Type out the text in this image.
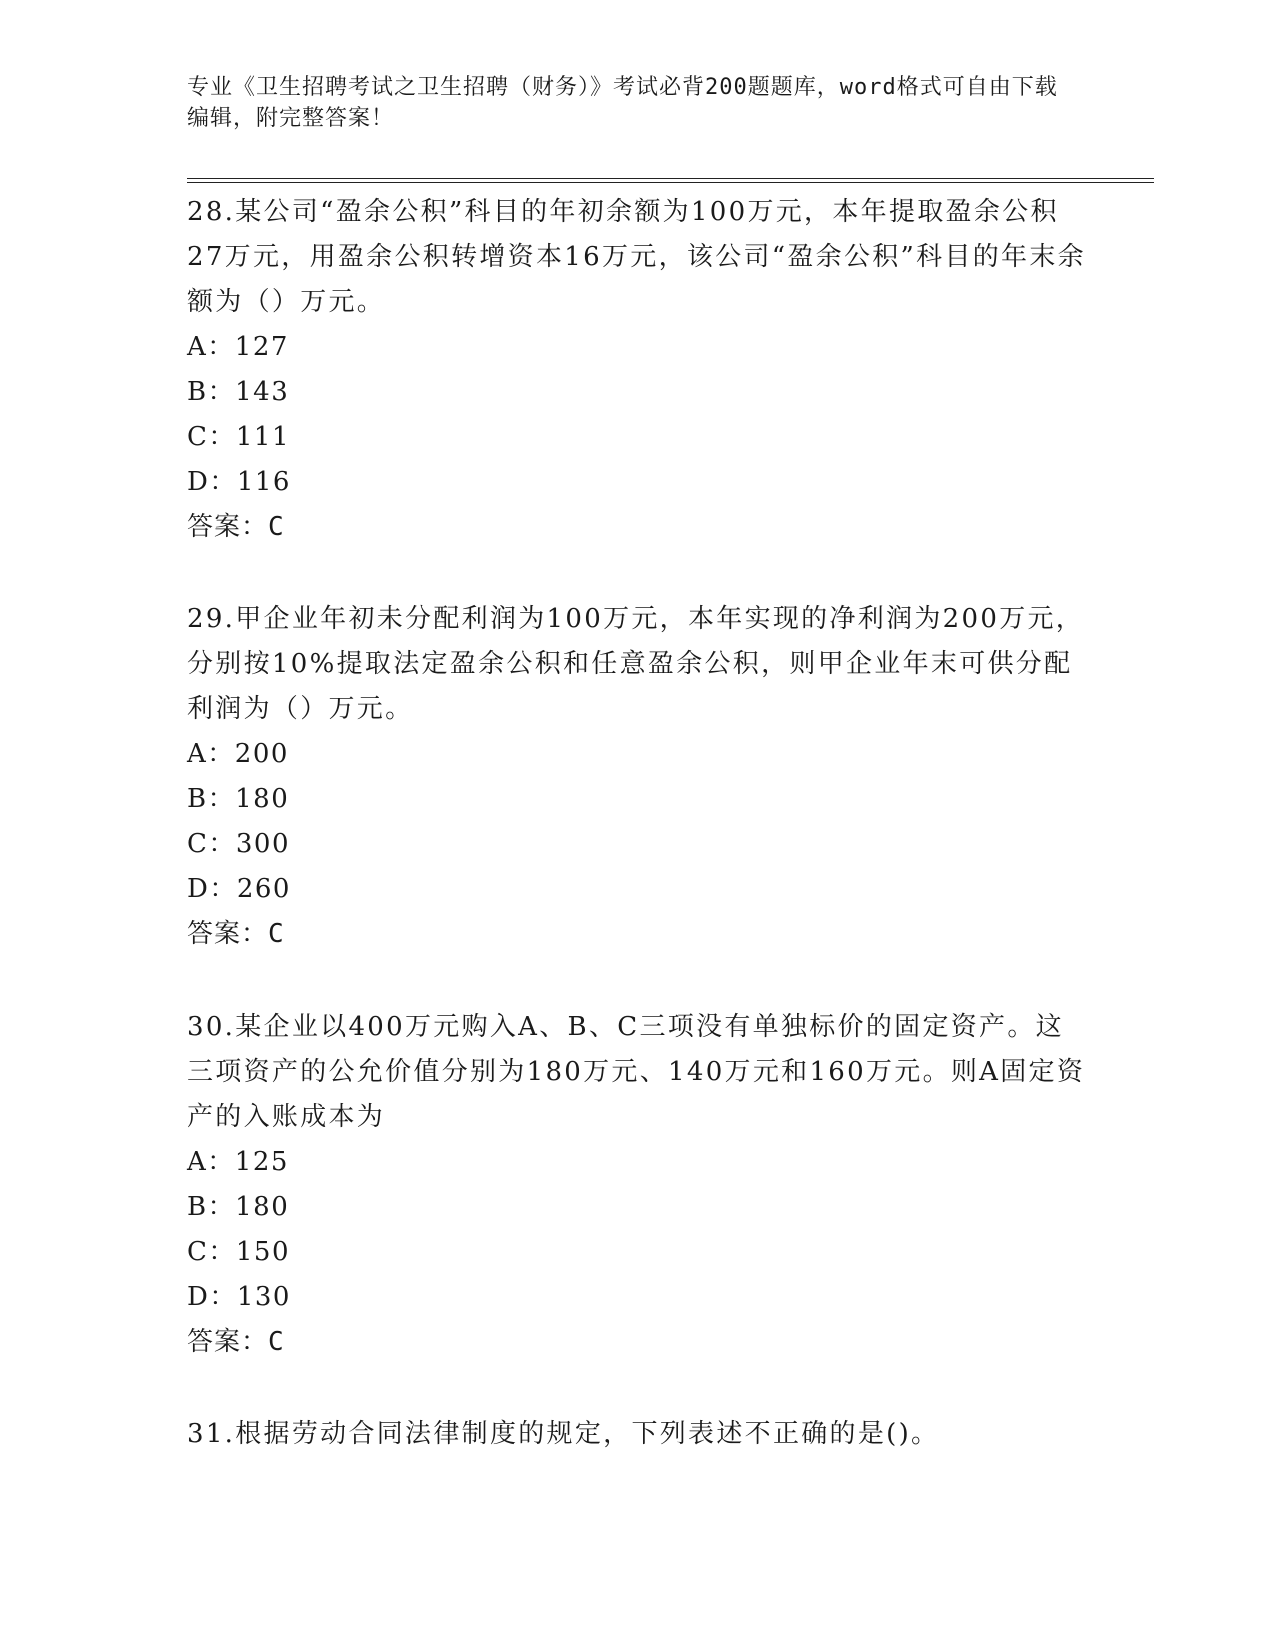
专业《卫生招聘考试之卫生招聘（财务）》考试必背200题题库，word格式可自由下载编辑，附完整答案！

28.某公司“盈余公积”科目的年初余额为100万元，本年提取盈余公积27万元，用盈余公积转增资本16万元，该公司“盈余公积”科目的年末余额为（）万元。

A：127

B：143

C：111

D：116

答案：C

29.甲企业年初未分配利润为100万元，本年实现的净利润为200万元，分别按10%提取法定盈余公积和任意盈余公积，则甲企业年末可供分配利润为（）万元。

A：200

B：180

C：300

D：260

答案：C

30.某企业以400万元购入A、B、C三项没有单独标价的固定资产。这三项资产的公允价值分别为180万元、140万元和160万元。则A固定资产的入账成本为

A：125

B：180

C：150

D：130

答案：C

31.根据劳动合同法律制度的规定，下列表述不正确的是()。
